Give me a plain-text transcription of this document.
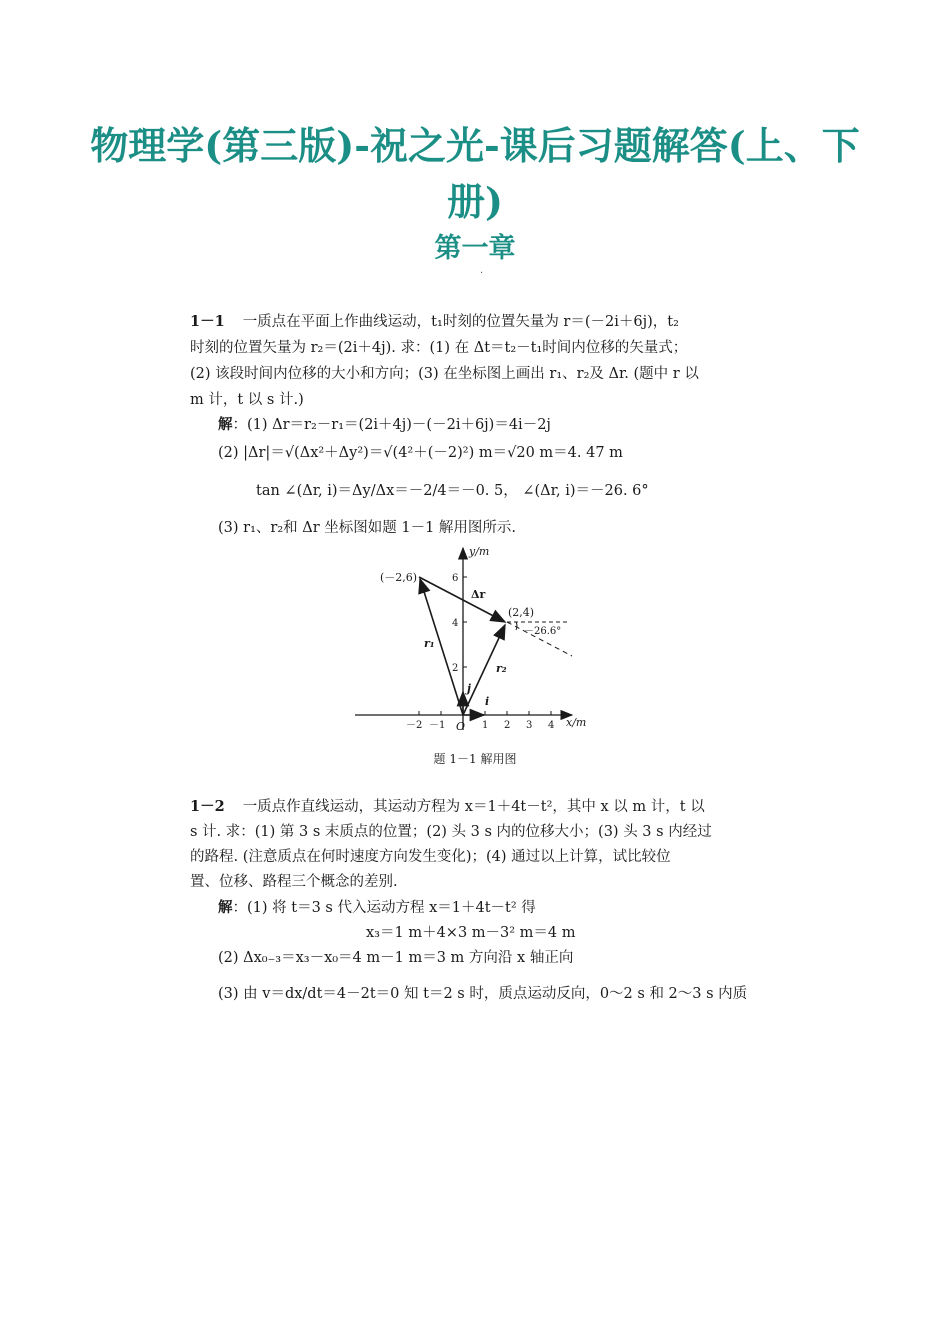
物理学(第三版)-祝之光-课后习题解答(上、下册)
第一章
·
1－1 一质点在平面上作曲线运动，t₁时刻的位置矢量为 r＝(－2i＋6j)，t₂
时刻的位置矢量为 r₂＝(2i＋4j). 求：(1) 在 Δt＝t₂－t₁时间内位移的矢量式；
(2) 该段时间内位移的大小和方向；(3) 在坐标图上画出 r₁、r₂及 Δr. (题中 r 以
m 计，t 以 s 计.)
解：(1) Δr＝r₂－r₁＝(2i＋4j)－(－2i＋6j)＝4i－2j
(2) |Δr|＝√(Δx²＋Δy²)＝√(4²＋(－2)²) m＝√20 m＝4. 47 m
tan ∠(Δr, i)＝Δy/Δx＝－2/4＝－0. 5， ∠(Δr, i)＝－26. 6°
(3) r₁、r₂和 Δr 坐标图如题 1－1 解用图所示.
y/m
x/m
O
(－2,6)
(2,4)
Δr
r₁
r₂
i
j
－26.6°
－2 －1	1 2 3 4
2
4
6
题 1－1 解用图
1－2 一质点作直线运动，其运动方程为 x＝1＋4t－t²，其中 x 以 m 计，t 以
s 计. 求：(1) 第 3 s 末质点的位置；(2) 头 3 s 内的位移大小；(3) 头 3 s 内经过
的路程. (注意质点在何时速度方向发生变化)；(4) 通过以上计算，试比较位
置、位移、路程三个概念的差别.
解：(1) 将 t＝3 s 代入运动方程 x＝1＋4t－t² 得
x₃＝1 m＋4×3 m－3² m＝4 m
(2) Δx₀₋₃＝x₃－x₀＝4 m－1 m＝3 m 方向沿 x 轴正向
(3) 由 v＝dx/dt＝4－2t＝0 知 t＝2 s 时，质点运动反向，0～2 s 和 2～3 s 内质
